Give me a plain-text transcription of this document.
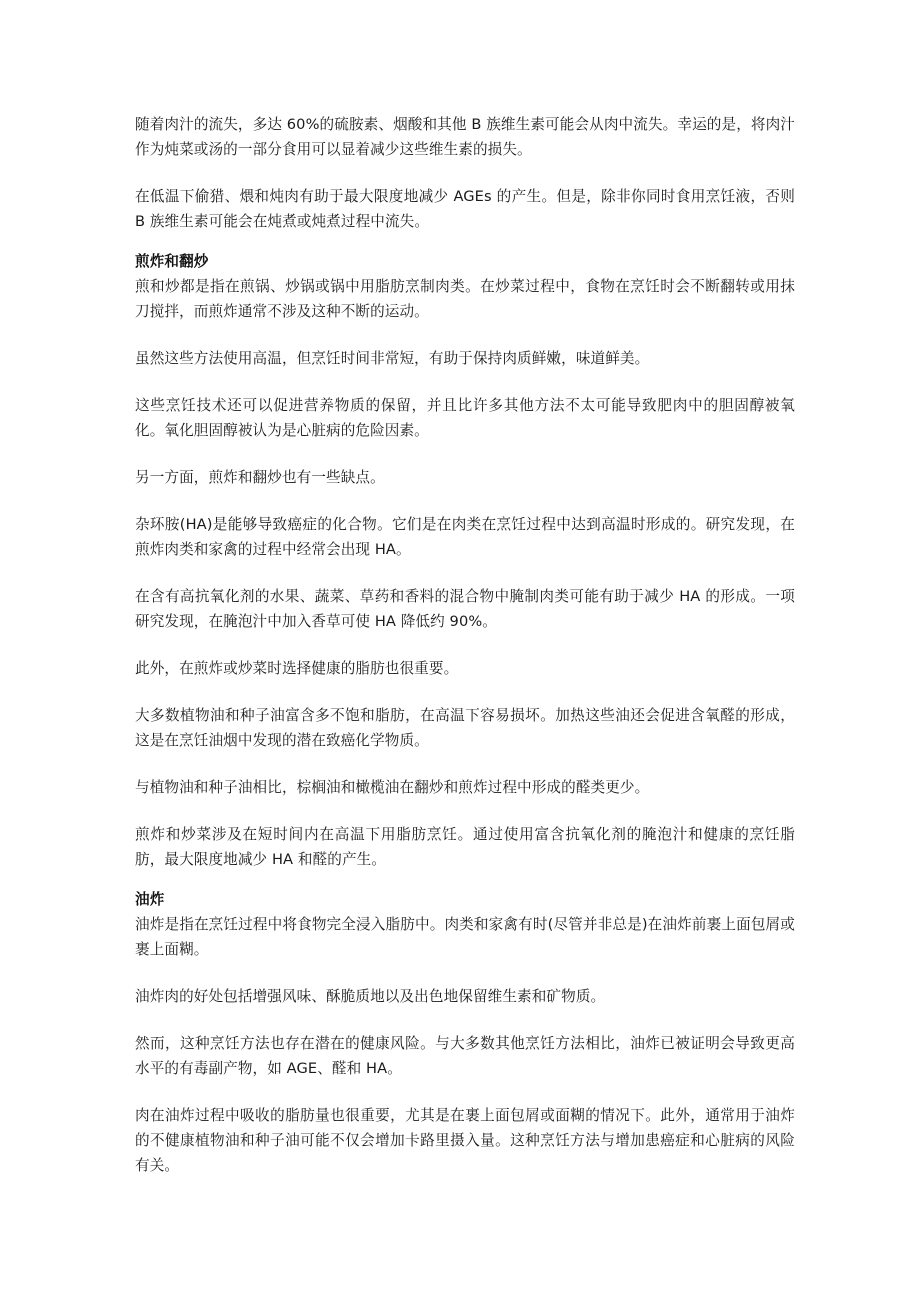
随着肉汁的流失，多达 60%的硫胺素、烟酸和其他 B 族维生素可能会从肉中流失。幸运的是，将肉汁作为炖菜或汤的一部分食用可以显着减少这些维生素的损失。

在低温下偷猎、煨和炖肉有助于最大限度地减少 AGEs 的产生。但是，除非你同时食用烹饪液，否则 B 族维生素可能会在炖煮或炖煮过程中流失。

煎炸和翻炒

煎和炒都是指在煎锅、炒锅或锅中用脂肪烹制肉类。在炒菜过程中，食物在烹饪时会不断翻转或用抹刀搅拌，而煎炸通常不涉及这种不断的运动。

虽然这些方法使用高温，但烹饪时间非常短，有助于保持肉质鲜嫩，味道鲜美。

这些烹饪技术还可以促进营养物质的保留，并且比许多其他方法不太可能导致肥肉中的胆固醇被氧化。氧化胆固醇被认为是心脏病的危险因素。

另一方面，煎炸和翻炒也有一些缺点。

杂环胺(HA)是能够导致癌症的化合物。它们是在肉类在烹饪过程中达到高温时形成的。研究发现，在煎炸肉类和家禽的过程中经常会出现 HA。

在含有高抗氧化剂的水果、蔬菜、草药和香料的混合物中腌制肉类可能有助于减少 HA 的形成。一项研究发现，在腌泡汁中加入香草可使 HA 降低约 90%。

此外，在煎炸或炒菜时选择健康的脂肪也很重要。

大多数植物油和种子油富含多不饱和脂肪，在高温下容易损坏。加热这些油还会促进含氧醛的形成，这是在烹饪油烟中发现的潜在致癌化学物质。

与植物油和种子油相比，棕榈油和橄榄油在翻炒和煎炸过程中形成的醛类更少。

煎炸和炒菜涉及在短时间内在高温下用脂肪烹饪。通过使用富含抗氧化剂的腌泡汁和健康的烹饪脂肪，最大限度地减少 HA 和醛的产生。

油炸

油炸是指在烹饪过程中将食物完全浸入脂肪中。肉类和家禽有时(尽管并非总是)在油炸前裹上面包屑或裹上面糊。

油炸肉的好处包括增强风味、酥脆质地以及出色地保留维生素和矿物质。

然而，这种烹饪方法也存在潜在的健康风险。与大多数其他烹饪方法相比，油炸已被证明会导致更高水平的有毒副产物，如 AGE、醛和 HA。

肉在油炸过程中吸收的脂肪量也很重要，尤其是在裹上面包屑或面糊的情况下。此外，通常用于油炸的不健康植物油和种子油可能不仅会增加卡路里摄入量。这种烹饪方法与增加患癌症和心脏病的风险有关。
